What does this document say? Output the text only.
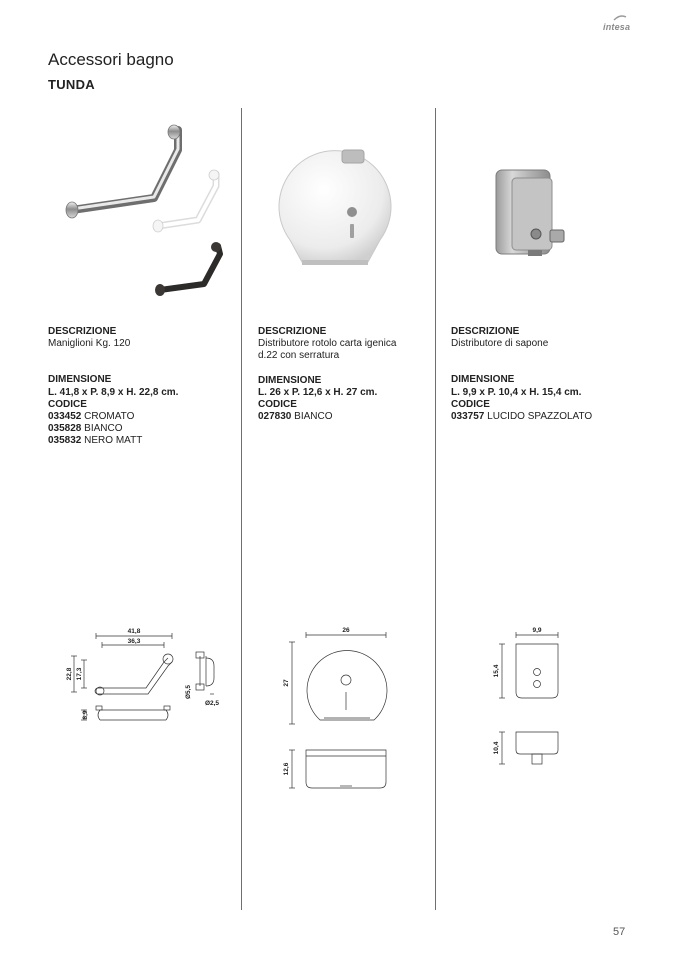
intesa
Accessori bagno
TUNDA
DESCRIZIONE
Maniglioni Kg. 120
DIMENSIONE
L. 41,8 x P. 8,9 x H. 22,8 cm.
CODICE
033452 CROMATO
035828 BIANCO
035832 NERO MATT
DESCRIZIONE
Distributore rotolo carta igenica
d.22 con serratura
DIMENSIONE
L. 26 x P. 12,6 x H. 27 cm.
CODICE
027830 BIANCO
DESCRIZIONE
Distributore di sapone
DIMENSIONE
L. 9,9 x P. 10,4 x H. 15,4 cm.
CODICE
033757 LUCIDO SPAZZOLATO
41,8
36,3
22,8 17,3
8,9
Ø5,5
Ø2,5
26
27
12,6
9,9
15,4
10,4
57
